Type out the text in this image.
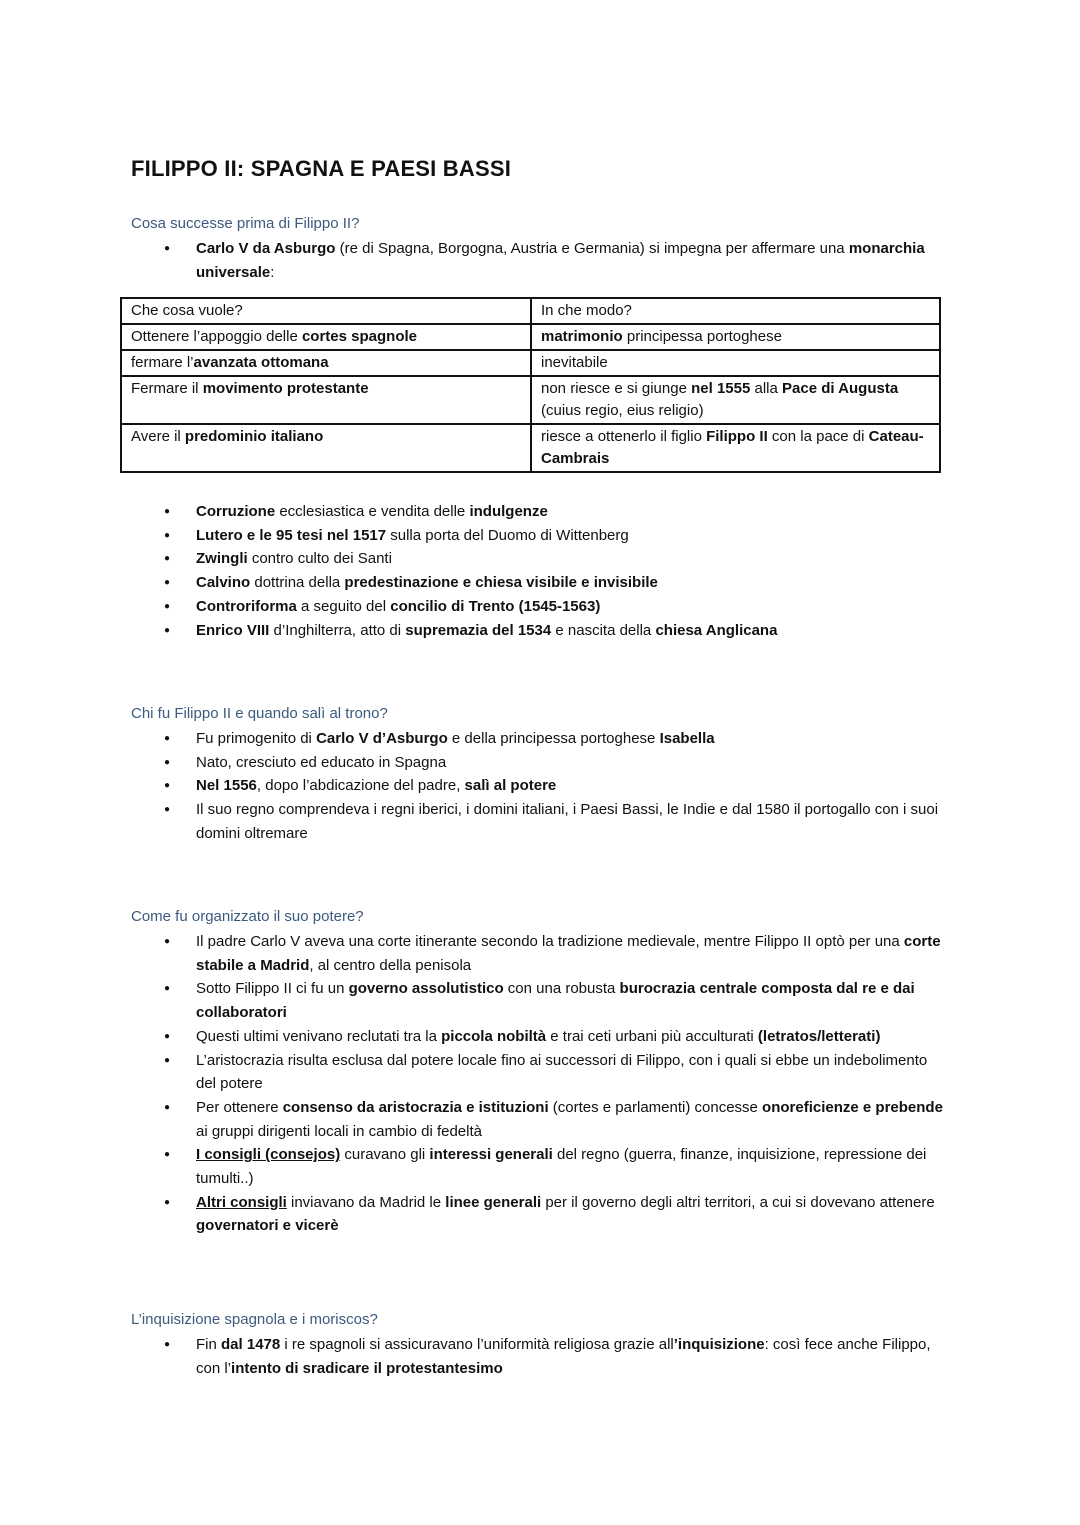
FILIPPO II: SPAGNA E PAESI BASSI

Cosa successe prima di Filippo II?

● Carlo V da Asburgo (re di Spagna, Borgogna, Austria e Germania) si impegna per affermare una monarchia universale:
Che cosa vuole?	In che modo?
Ottenere l’appoggio delle cortes spagnole	matrimonio principessa portoghese
fermare l’avanzata ottomana	inevitabile
Fermare il movimento protestante	non riesce e si giunge nel 1555 alla Pace di Augusta (cuius regio, eius religio)
Avere il predominio italiano	riesce a ottenerlo il figlio Filippo II con la pace di Cateau-Cambrais
● Corruzione ecclesiastica e vendita delle indulgenze
● Lutero e le 95 tesi nel 1517 sulla porta del Duomo di Wittenberg
● Zwingli contro culto dei Santi
● Calvino dottrina della predestinazione e chiesa visibile e invisibile
● Controriforma a seguito del concilio di Trento (1545-1563)
● Enrico VIII d’Inghilterra, atto di supremazia del 1534 e nascita della chiesa Anglicana

Chi fu Filippo II e quando salì al trono?

● Fu primogenito di Carlo V d’Asburgo e della principessa portoghese Isabella
● Nato, cresciuto ed educato in Spagna
● Nel 1556, dopo l’abdicazione del padre, salì al potere
● Il suo regno comprendeva i regni iberici, i domini italiani, i Paesi Bassi, le Indie e dal 1580 il portogallo con i suoi domini oltremare

Come fu organizzato il suo potere?

● Il padre Carlo V aveva una corte itinerante secondo la tradizione medievale, mentre Filippo II optò per una corte stabile a Madrid, al centro della penisola
● Sotto Filippo II ci fu un governo assolutistico con una robusta burocrazia centrale composta dal re e dai collaboratori
● Questi ultimi venivano reclutati tra la piccola nobiltà e trai ceti urbani più acculturati (letratos/letterati)
● L’aristocrazia risulta esclusa dal potere locale fino ai successori di Filippo, con i quali si ebbe un indebolimento del potere
● Per ottenere consenso da aristocrazia e istituzioni (cortes e parlamenti) concesse onoreficienze e prebende ai gruppi dirigenti locali in cambio di fedeltà
● I consigli (consejos) curavano gli interessi generali del regno (guerra, finanze, inquisizione, repressione dei tumulti..)
● Altri consigli inviavano da Madrid le linee generali per il governo degli altri territori, a cui si dovevano attenere governatori e vicerè

L’inquisizione spagnola e i moriscos?

● Fin dal 1478 i re spagnoli si assicuravano l’uniformità religiosa grazie all’inquisizione: così fece anche Filippo, con l’intento di sradicare il protestantesimo
